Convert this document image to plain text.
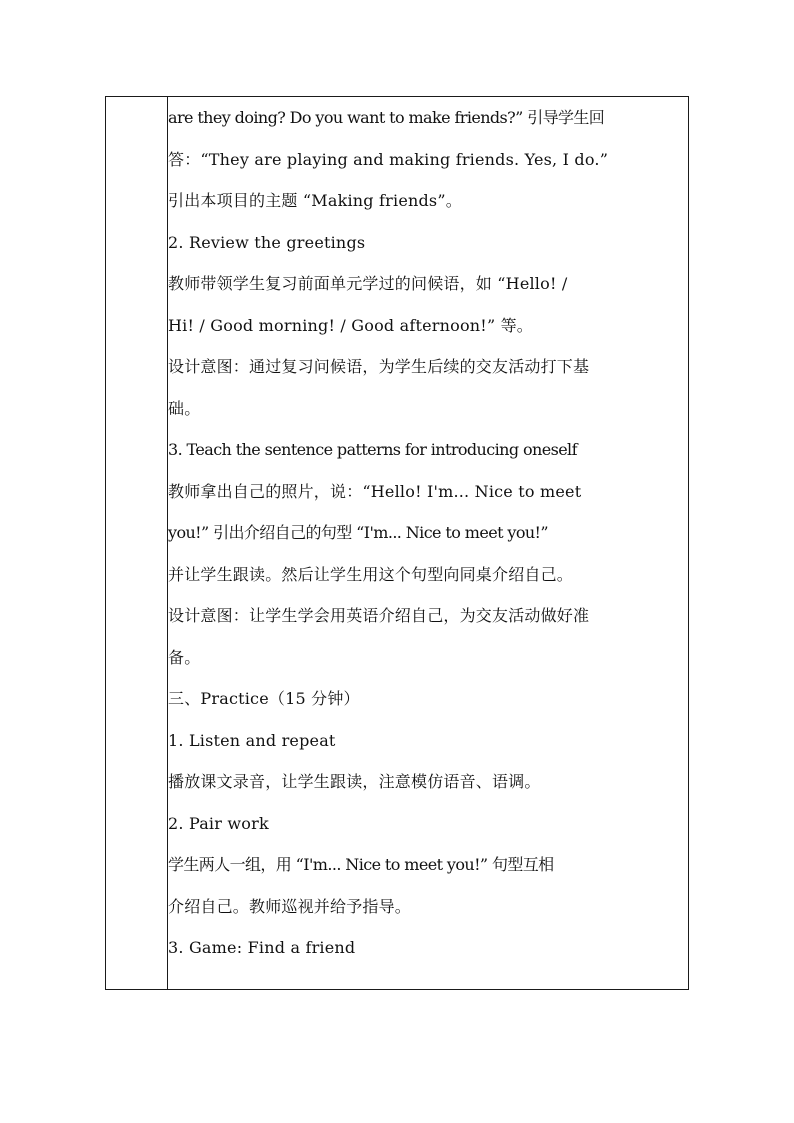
are they doing? Do you want to make friends?” 引导学生回
答：“They are playing and making friends. Yes, I do.”
引出本项目的主题 “Making friends”。
2. Review the greetings
教师带领学生复习前面单元学过的问候语，如 “Hello! /
Hi! / Good morning! / Good afternoon!” 等。
设计意图：通过复习问候语，为学生后续的交友活动打下基
础。
3. Teach the sentence patterns for introducing oneself
教师拿出自己的照片，说：“Hello! I'm... Nice to meet
you!” 引出介绍自己的句型 “I'm... Nice to meet you!”
并让学生跟读。然后让学生用这个句型向同桌介绍自己。
设计意图：让学生学会用英语介绍自己，为交友活动做好准
备。
三、Practice（15 分钟）
1. Listen and repeat
播放课文录音，让学生跟读，注意模仿语音、语调。
2. Pair work
学生两人一组，用 “I'm... Nice to meet you!” 句型互相
介绍自己。教师巡视并给予指导。
3. Game: Find a friend
